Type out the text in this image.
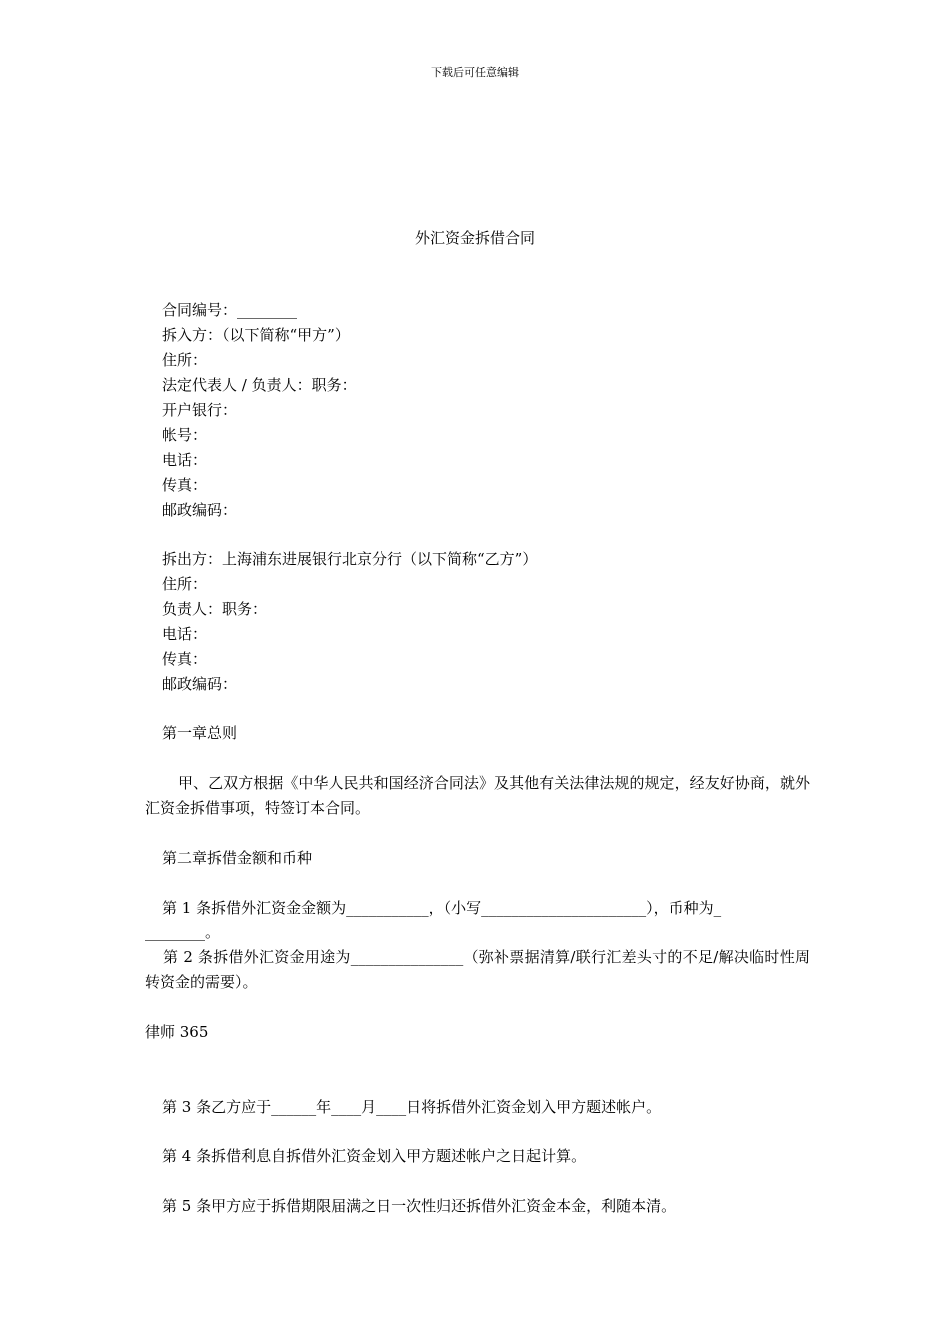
下载后可任意编辑
外汇资金拆借合同
合同编号：________
拆入方：（以下简称“甲方”）
住所：
法定代表人 / 负责人：职务：
开户银行：
帐号：
电话：
传真：
邮政编码：
拆出方：上海浦东进展银行北京分行（以下简称“乙方”）
住所：
负责人：职务：
电话：
传真：
邮政编码：
第一章总则
甲、乙双方根据《中华人民共和国经济合同法》及其他有关法律法规的规定，经友好协商，就外汇资金拆借事项，特签订本合同。
第二章拆借金额和币种
第 1 条拆借外汇资金金额为___________，（小写______________________），币种为_
________。
第 2 条拆借外汇资金用途为_______________（弥补票据清算/联行汇差头寸的不足/解决临时性周转资金的需要）。
律师 365
第 3 条乙方应于______年____月____日将拆借外汇资金划入甲方题述帐户。
第 4 条拆借利息自拆借外汇资金划入甲方题述帐户之日起计算。
第 5 条甲方应于拆借期限届满之日一次性归还拆借外汇资金本金，利随本清。
